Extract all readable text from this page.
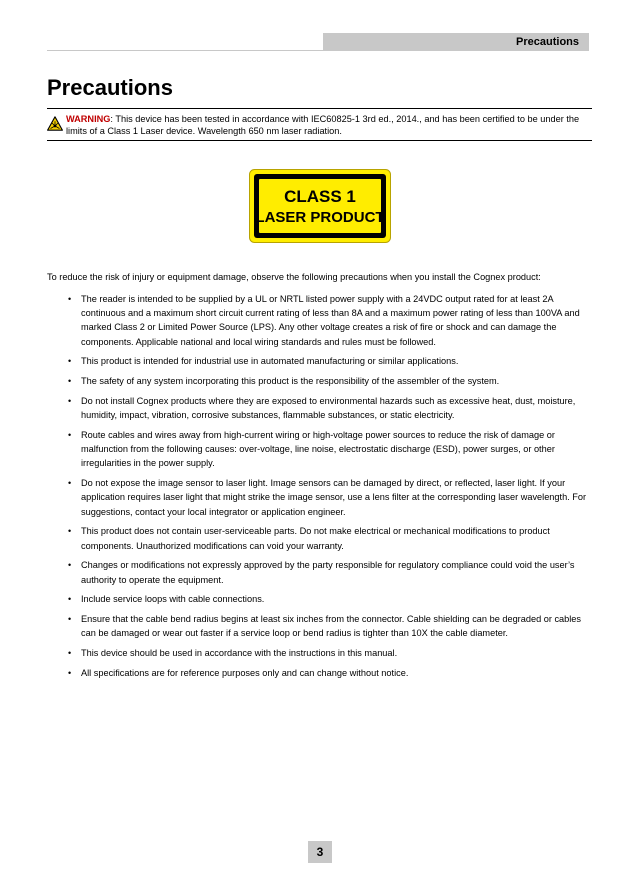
Precautions
Precautions
WARNING: This device has been tested in accordance with IEC60825-1 3rd ed., 2014., and has been certified to be under the limits of a Class 1 Laser device. Wavelength 650 nm laser radiation.
CLASS 1
LASER PRODUCT

To reduce the risk of injury or equipment damage, observe the following precautions when you install the Cognex product:

• The reader is intended to be supplied by a UL or NRTL listed power supply with a 24VDC output rated for at least 2A continuous and a maximum short circuit current rating of less than 8A and a maximum power rating of less than 100VA and marked Class 2 or Limited Power Source (LPS). Any other voltage creates a risk of fire or shock and can damage the components. Applicable national and local wiring standards and rules must be followed.
• This product is intended for industrial use in automated manufacturing or similar applications.
• The safety of any system incorporating this product is the responsibility of the assembler of the system.
• Do not install Cognex products where they are exposed to environmental hazards such as excessive heat, dust, moisture, humidity, impact, vibration, corrosive substances, flammable substances, or static electricity.
• Route cables and wires away from high-current wiring or high-voltage power sources to reduce the risk of damage or malfunction from the following causes: over-voltage, line noise, electrostatic discharge (ESD), power surges, or other irregularities in the power supply.
• Do not expose the image sensor to laser light. Image sensors can be damaged by direct, or reflected, laser light. If your application requires laser light that might strike the image sensor, use a lens filter at the corresponding laser wavelength. For suggestions, contact your local integrator or application engineer.
• This product does not contain user-serviceable parts. Do not make electrical or mechanical modifications to product components. Unauthorized modifications can void your warranty.
• Changes or modifications not expressly approved by the party responsible for regulatory compliance could void the user’s authority to operate the equipment.
• Include service loops with cable connections.
• Ensure that the cable bend radius begins at least six inches from the connector. Cable shielding can be degraded or cables can be damaged or wear out faster if a service loop or bend radius is tighter than 10X the cable diameter.
• This device should be used in accordance with the instructions in this manual.
• All specifications are for reference purposes only and can change without notice.
3
